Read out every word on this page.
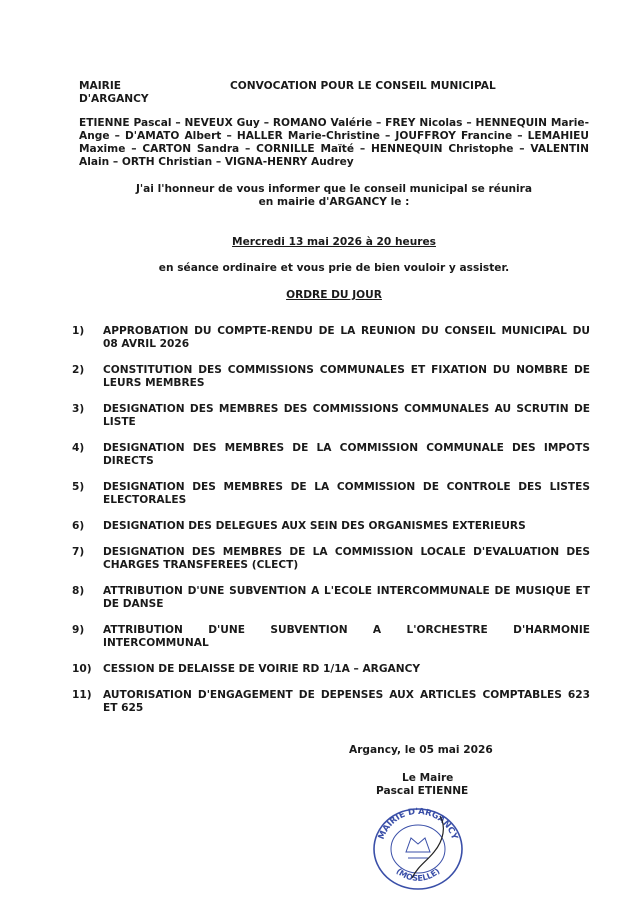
MAIRIE
D'ARGANCY
CONVOCATION POUR LE CONSEIL MUNICIPAL
ETIENNE Pascal – NEVEUX Guy – ROMANO Valérie – FREY Nicolas – HENNEQUIN Marie-Ange – D'AMATO Albert – HALLER Marie-Christine – JOUFFROY Francine – LEMAHIEU Maxime – CARTON Sandra – CORNILLE Maïté – HENNEQUIN Christophe – VALENTIN Alain – ORTH Christian – VIGNA-HENRY Audrey
J'ai l'honneur de vous informer que le conseil municipal se réunira
en mairie d'ARGANCY le :
Mercredi 13 mai 2026 à 20 heures
en séance ordinaire et vous prie de bien vouloir y assister.
ORDRE DU JOUR
1)	APPROBATION DU COMPTE-RENDU DE LA REUNION DU CONSEIL MUNICIPAL DU 08 AVRIL 2026
2)	CONSTITUTION DES COMMISSIONS COMMUNALES ET FIXATION DU NOMBRE DE LEURS MEMBRES
3)	DESIGNATION DES MEMBRES DES COMMISSIONS COMMUNALES AU SCRUTIN DE LISTE
4)	DESIGNATION DES MEMBRES DE LA COMMISSION COMMUNALE DES IMPOTS DIRECTS
5)	DESIGNATION DES MEMBRES DE LA COMMISSION DE CONTROLE DES LISTES ELECTORALES
6)	DESIGNATION DES DELEGUES AUX SEIN DES ORGANISMES EXTERIEURS
7)	DESIGNATION DES MEMBRES DE LA COMMISSION LOCALE D'EVALUATION DES CHARGES TRANSFEREES (CLECT)
8)	ATTRIBUTION D'UNE SUBVENTION A L'ECOLE INTERCOMMUNALE DE MUSIQUE ET DE DANSE
9)	ATTRIBUTION D'UNE SUBVENTION A L'ORCHESTRE D'HARMONIE INTERCOMMUNAL
10)	CESSION DE DELAISSE DE VOIRIE RD 1/1A – ARGANCY
11)	AUTORISATION D'ENGAGEMENT DE DEPENSES AUX ARTICLES COMPTABLES 623 ET 625
Argancy, le 05 mai 2026
Le Maire
Pascal ETIENNE
MAIRIE D'ARGANCY
(MOSELLE)
